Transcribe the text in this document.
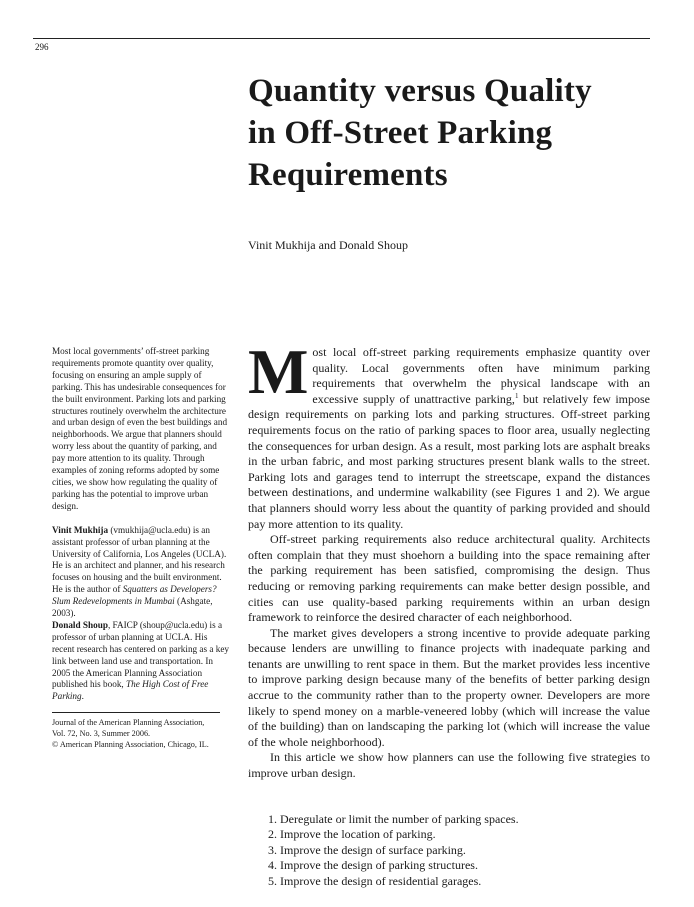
296
Quantity versus Quality
in Off-Street Parking
Requirements
Vinit Mukhija and Donald Shoup

Most local governments’ off-street parking requirements promote quantity over quality, focusing on ensuring an ample supply of parking. This has undesirable consequences for the built environment. Parking lots and parking structures routinely overwhelm the architecture and urban design of even the best buildings and neighborhoods. We argue that planners should worry less about the quantity of parking, and pay more attention to its quality. Through examples of zoning reforms adopted by some cities, we show how regulating the quality of parking has the potential to improve urban design.

Vinit Mukhija (vmukhija@ucla.edu) is an assistant professor of urban planning at the University of California, Los Angeles (UCLA). He is an architect and planner, and his research focuses on housing and the built environment. He is the author of Squatters as Developers? Slum Redevelopments in Mumbai (Ashgate, 2003).

Donald Shoup, FAICP (shoup@ucla.edu) is a professor of urban planning at UCLA. His recent research has centered on parking as a key link between land use and transportation. In 2005 the American Planning Association published his book, The High Cost of Free Parking.

Journal of the American Planning Association,
Vol. 72, No. 3, Summer 2006.
© American Planning Association, Chicago, IL.

Most local off-street parking requirements emphasize quantity over quality. Local governments often have minimum parking requirements that overwhelm the physical landscape with an excessive supply of unattractive parking,$^1$ but relatively few impose design requirements on parking lots and parking structures. Off-street parking requirements focus on the ratio of parking spaces to floor area, usually neglecting the consequences for urban design. As a result, most parking lots are asphalt breaks in the urban fabric, and most parking structures present blank walls to the street. Parking lots and garages tend to interrupt the streetscape, expand the distances between destinations, and undermine walkability (see Figures 1 and 2). We argue that planners should worry less about the quantity of parking provided and should pay more attention to its quality.

Off-street parking requirements also reduce architectural quality. Architects often complain that they must shoehorn a building into the space remaining after the parking requirement has been satisfied, compromising the design. Thus reducing or removing parking requirements can make better design possible, and cities can use quality-based parking requirements within an urban design framework to reinforce the desired character of each neighborhood.

The market gives developers a strong incentive to provide adequate parking because lenders are unwilling to finance projects with inadequate parking and tenants are unwilling to rent space in them. But the market provides less incentive to improve parking design because many of the benefits of better parking design accrue to the community rather than to the property owner. Developers are more likely to spend money on a marble-veneered lobby (which will increase the value of the building) than on landscaping the parking lot (which will increase the value of the whole neighborhood).

In this article we show how planners can use the following five strategies to improve urban design.

1. Deregulate or limit the number of parking spaces.
2. Improve the location of parking.
3. Improve the design of surface parking.
4. Improve the design of parking structures.
5. Improve the design of residential garages.
